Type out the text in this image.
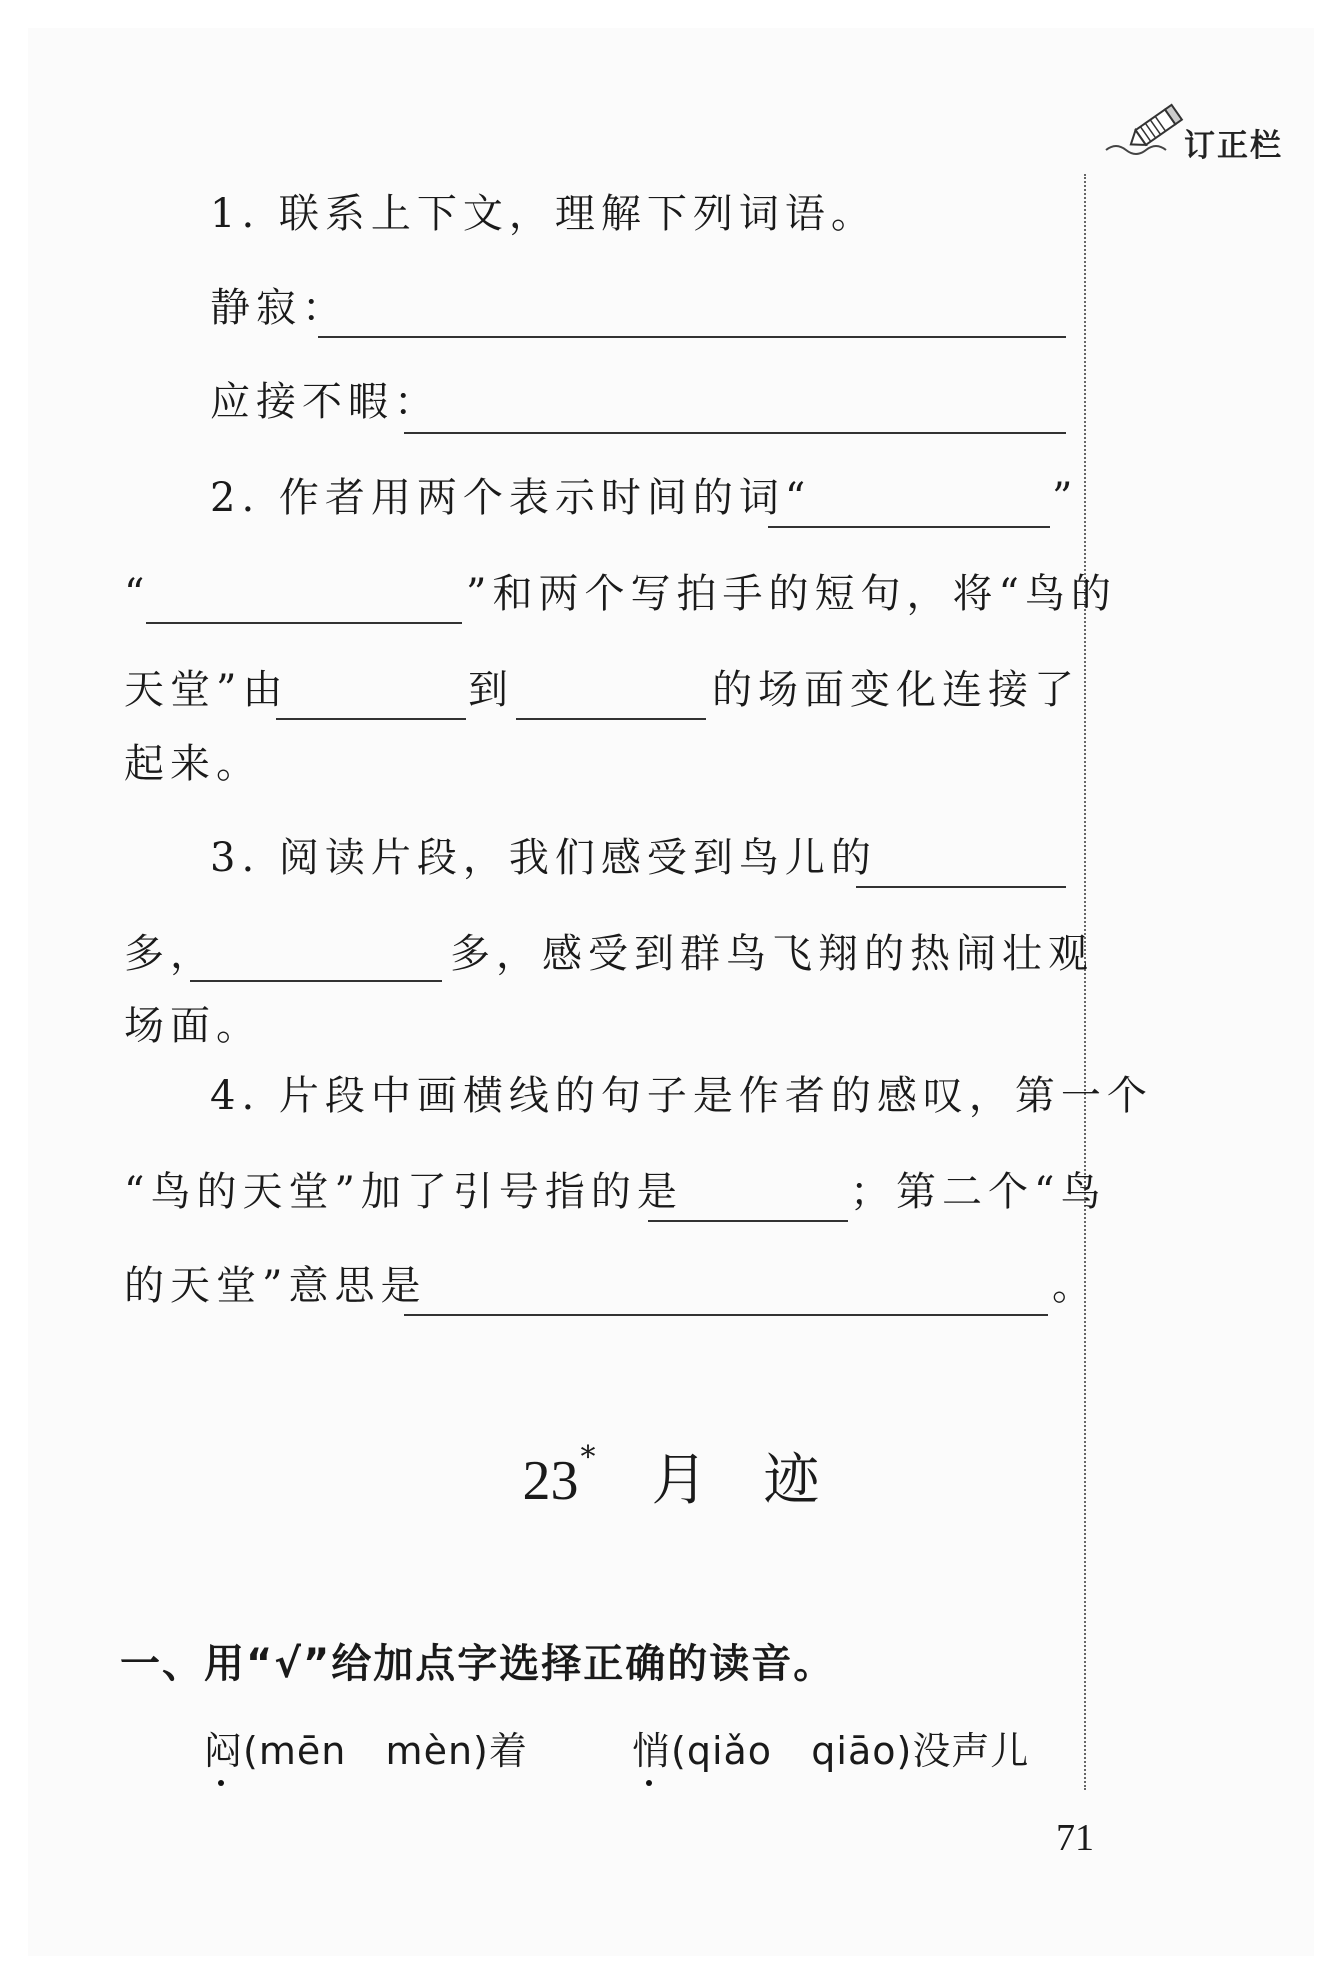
订正栏
1. 联系上下文，理解下列词语。
静寂：
应接不暇：
2. 作者用两个表示时间的词“	”
“	”和两个写拍手的短句，将“鸟的
天堂”由	到	的场面变化连接了
起来。
3. 阅读片段，我们感受到鸟儿的
多，	多，感受到群鸟飞翔的热闹壮观
场面。
4. 片段中画横线的句子是作者的感叹，第一个
“鸟的天堂”加了引号指的是	；第二个“鸟
的天堂”意思是	。
23* 月 迹
一、用“√”给加点字选择正确的读音。
闷(mēn   mèn)着	悄(qiǎo   qiāo)没声儿
71
